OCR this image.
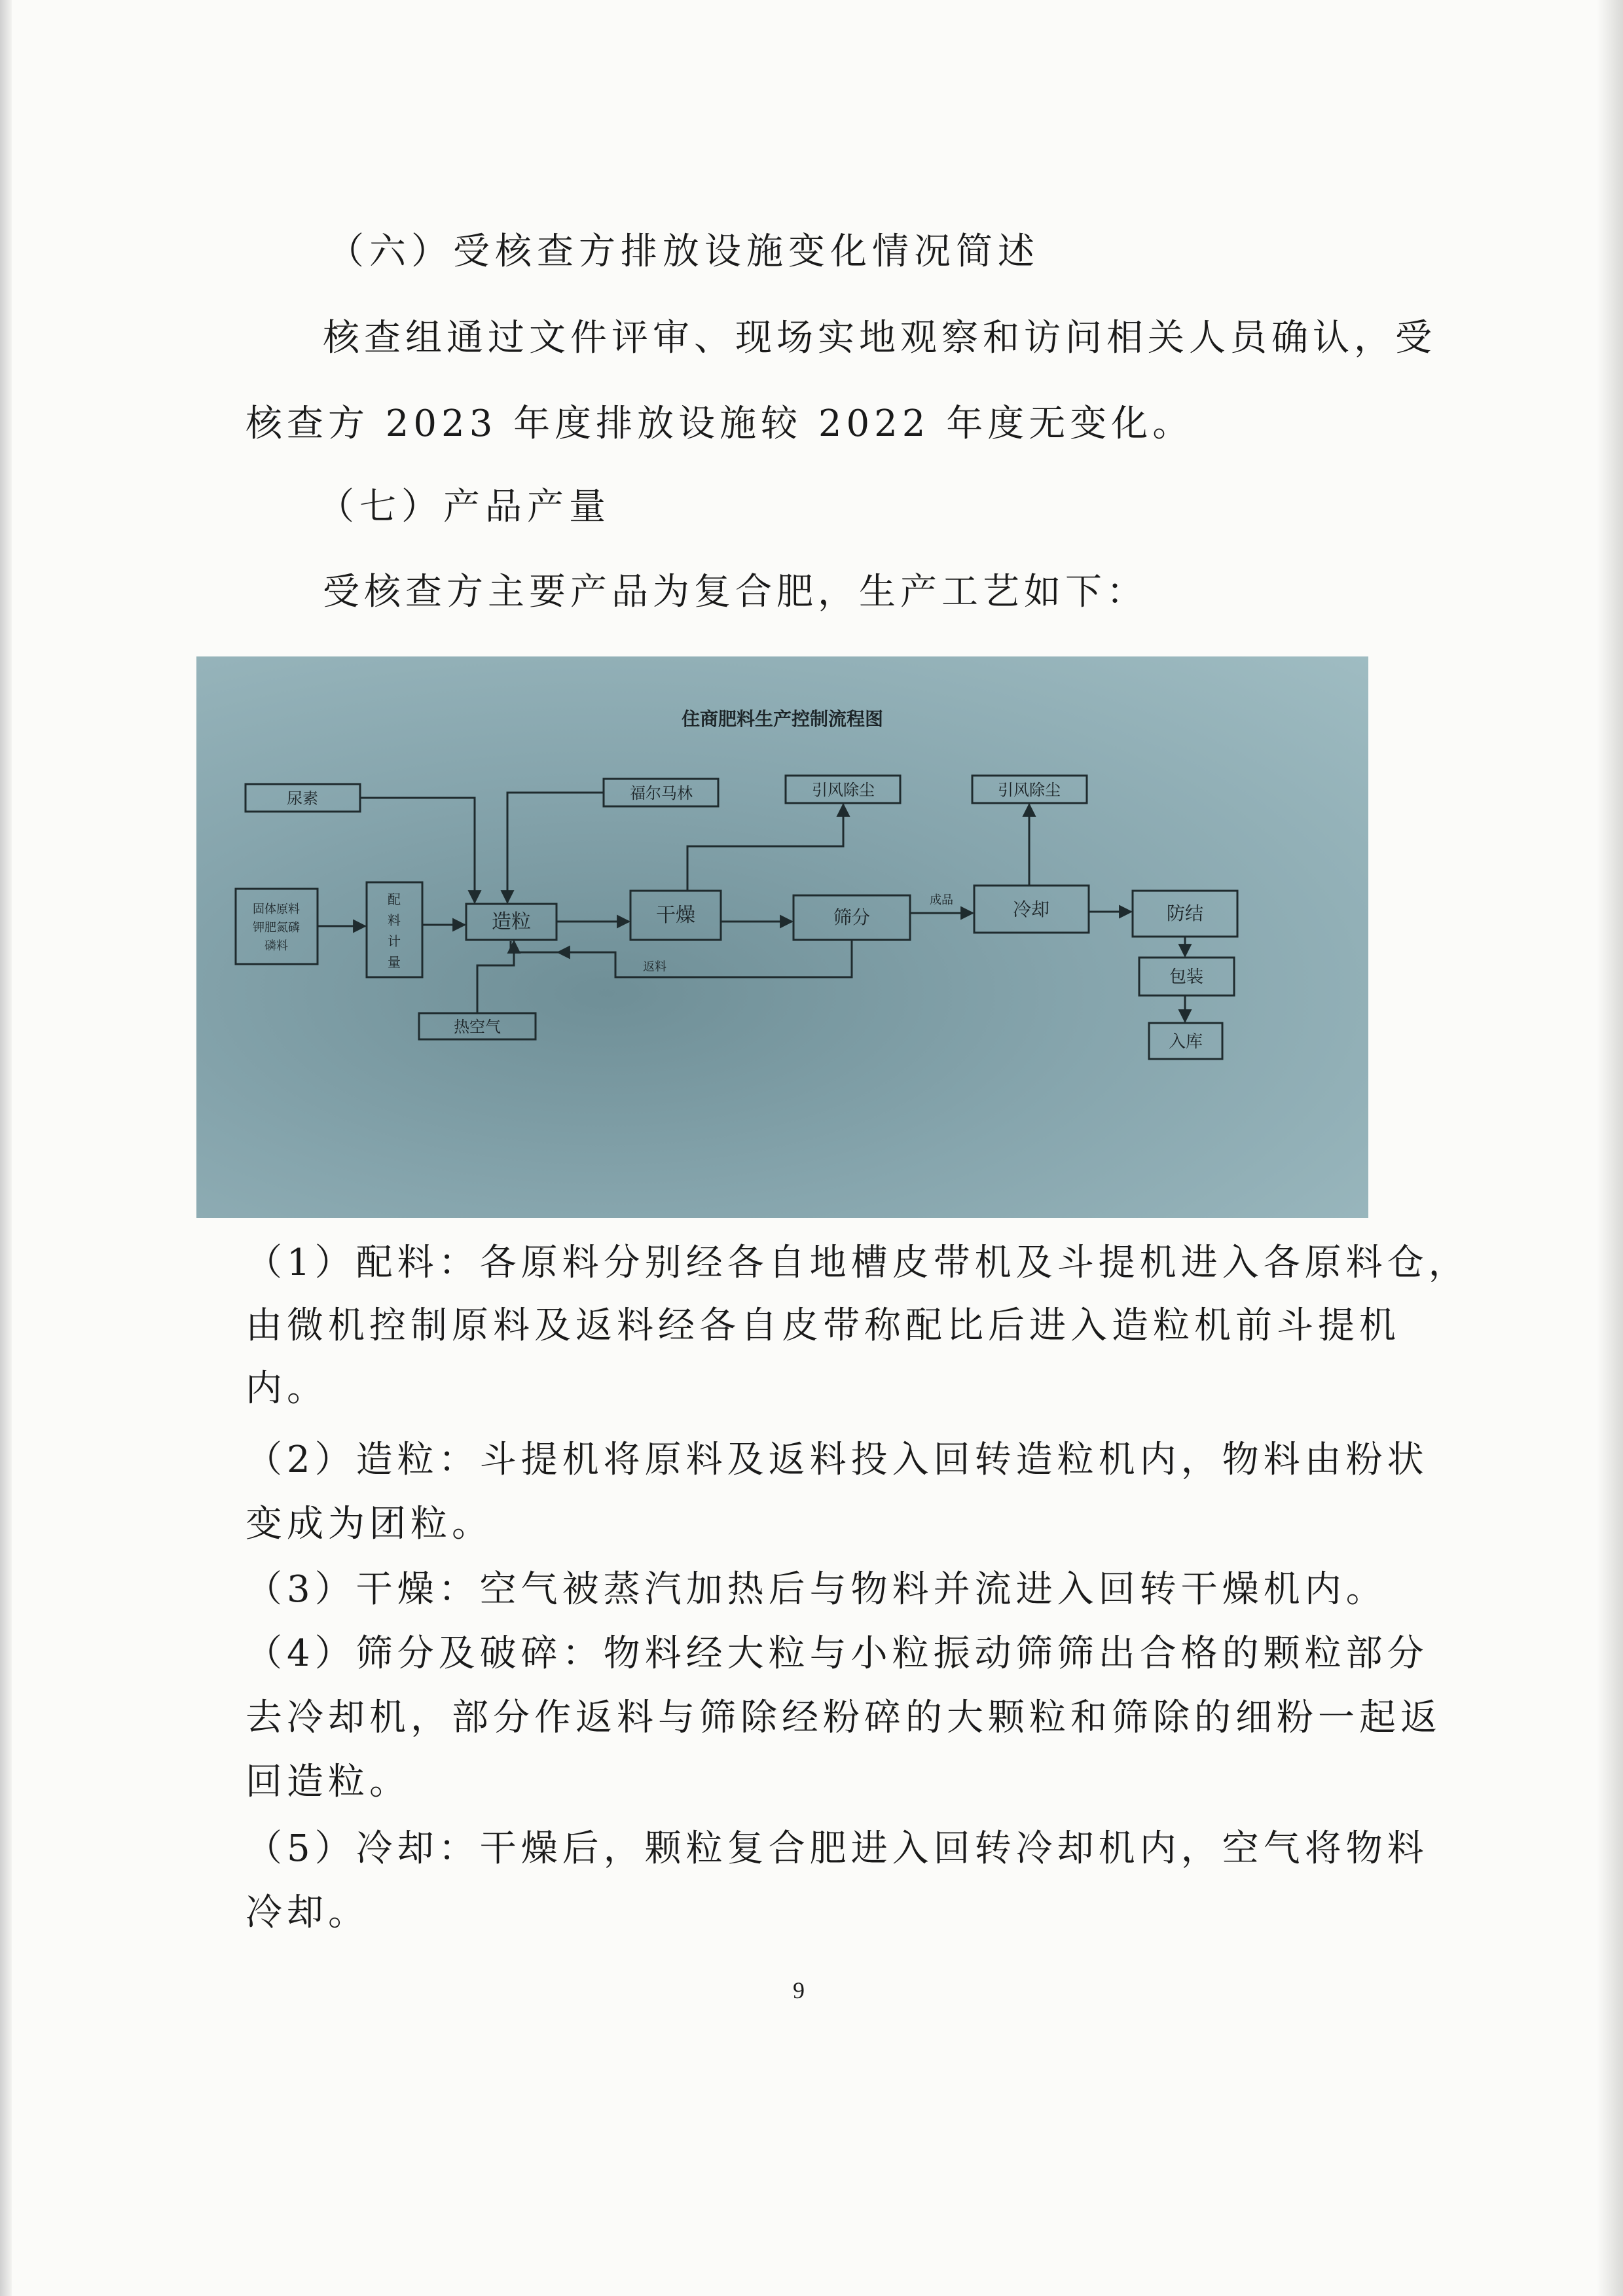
（六）受核查方排放设施变化情况简述

核查组通过文件评审、现场实地观察和访问相关人员确认，受

核查方 2023 年度排放设施较 2022 年度无变化。

（七）产品产量

受核查方主要产品为复合肥，生产工艺如下：

住商肥料生产控制流程图
尿素	福尔马林	引风除尘	引风除尘
固体原料
钾肥氮磷
磷料
配
料
计
量
造粒	干燥	筛分	冷却	防结
包装
入库
热空气
成品
返料

（1）配料：各原料分别经各自地槽皮带机及斗提机进入各原料仓，

由微机控制原料及返料经各自皮带称配比后进入造粒机前斗提机

内。

（2）造粒：斗提机将原料及返料投入回转造粒机内，物料由粉状

变成为团粒。

（3）干燥：空气被蒸汽加热后与物料并流进入回转干燥机内。

（4）筛分及破碎：物料经大粒与小粒振动筛筛出合格的颗粒部分

去冷却机，部分作返料与筛除经粉碎的大颗粒和筛除的细粉一起返

回造粒。

（5）冷却：干燥后，颗粒复合肥进入回转冷却机内，空气将物料

冷却。

9
